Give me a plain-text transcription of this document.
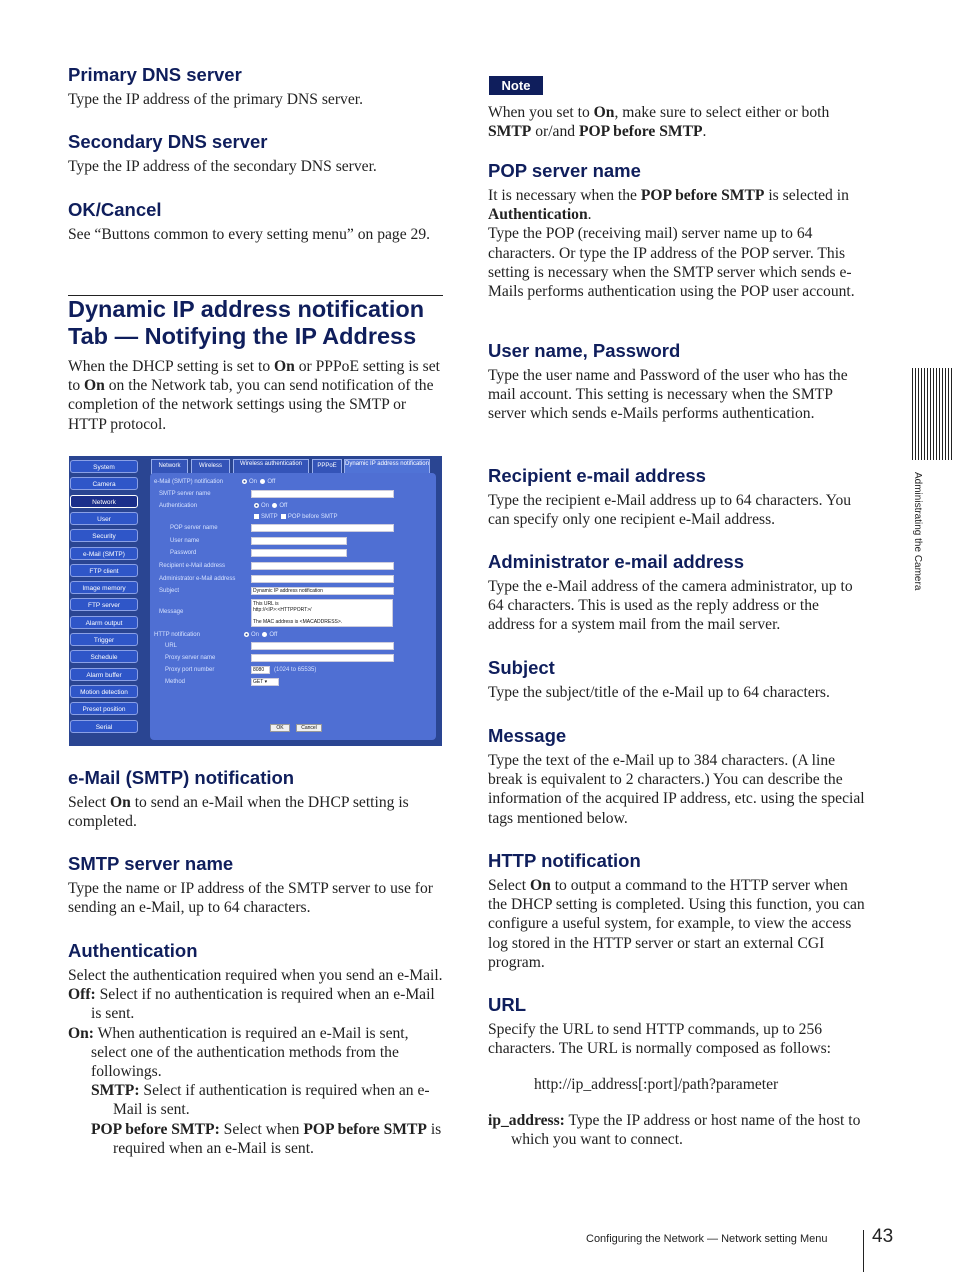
Primary DNS server

Type the IP address of the primary DNS server.

Secondary DNS server

Type the IP address of the secondary DNS server.

OK/Cancel

See “Buttons common to every setting menu” on page 29.

Dynamic IP address notification
Tab — Notifying the IP Address

When the DHCP setting is set to On or PPPoE setting is set to On on the Network tab, you can send notification of the completion of the network settings using the SMTP or HTTP protocol.

System
Camera
Network
User
Security
e-Mail (SMTP)
FTP client
Image memory
FTP server
Alarm output
Trigger
Schedule
Alarm buffer
Motion detection
Preset position
Serial
Network	Wireless	Wireless authentication	PPPoE	Dynamic IP address notification
e-Mail (SMTP) notification	On Off
SMTP server name
Authentication	On Off
SMTP POP before SMTP
POP server name
User name
Password
Recipient e-Mail address
Administrator e-Mail address
Subject	Dynamic IP address notification
Message
This URL is
http://<IP>:<HTTPPORT>/

The MAC address is <MACADDRESS>.
HTTP notification	On Off
URL
Proxy server name
Proxy port number	8080	(1024 to 65535)
Method	GET ▾
OK	Cancel
e-Mail (SMTP) notification

Select On to send an e-Mail when the DHCP setting is completed.

SMTP server name

Type the name or IP address of the SMTP server to use for sending an e-Mail, up to 64 characters.

Authentication

Select the authentication required when you send an e-Mail.

Off: Select if no authentication is required when an e-Mail is sent.

On: When authentication is required an e-Mail is sent, select one of the authentication methods from the followings.

SMTP: Select if authentication is required when an e-Mail is sent.

POP before SMTP: Select when POP before SMTP is required when an e-Mail is sent.

Note

When you set to On, make sure to select either or both SMTP or/and POP before SMTP.

POP server name

It is necessary when the POP before SMTP is selected in Authentication.

Type the POP (receiving mail) server name up to 64 characters. Or type the IP address of the POP server. This setting is necessary when the SMTP server which sends e-Mails performs authentication using the POP user account.

User name, Password

Type the user name and Password of the user who has the mail account. This setting is necessary when the SMTP server which sends e-Mails performs authentication.

Recipient e-mail address

Type the recipient e-Mail address up to 64 characters. You can specify only one recipient e-Mail address.

Administrator e-mail address

Type the e-Mail address of the camera administrator, up to 64 characters. This is used as the reply address or the address for a system mail from the mail server.

Subject

Type the subject/title of the e-Mail up to 64 characters.

Message

Type the text of the e-Mail up to 384 characters. (A line break is equivalent to 2 characters.) You can describe the information of the acquired IP address, etc. using the special tags mentioned below.

HTTP notification

Select On to output a command to the HTTP server when the DHCP setting is completed. Using this function, you can configure a useful system, for example, to view the access log stored in the HTTP server or start an external CGI program.

URL

Specify the URL to send HTTP commands, up to 256 characters. The URL is normally composed as follows:

http://ip_address[:port]/path?parameter

ip_address: Type the IP address or host name of the host to which you want to connect.

Administrating the Camera
Configuring the Network — Network setting Menu 43
